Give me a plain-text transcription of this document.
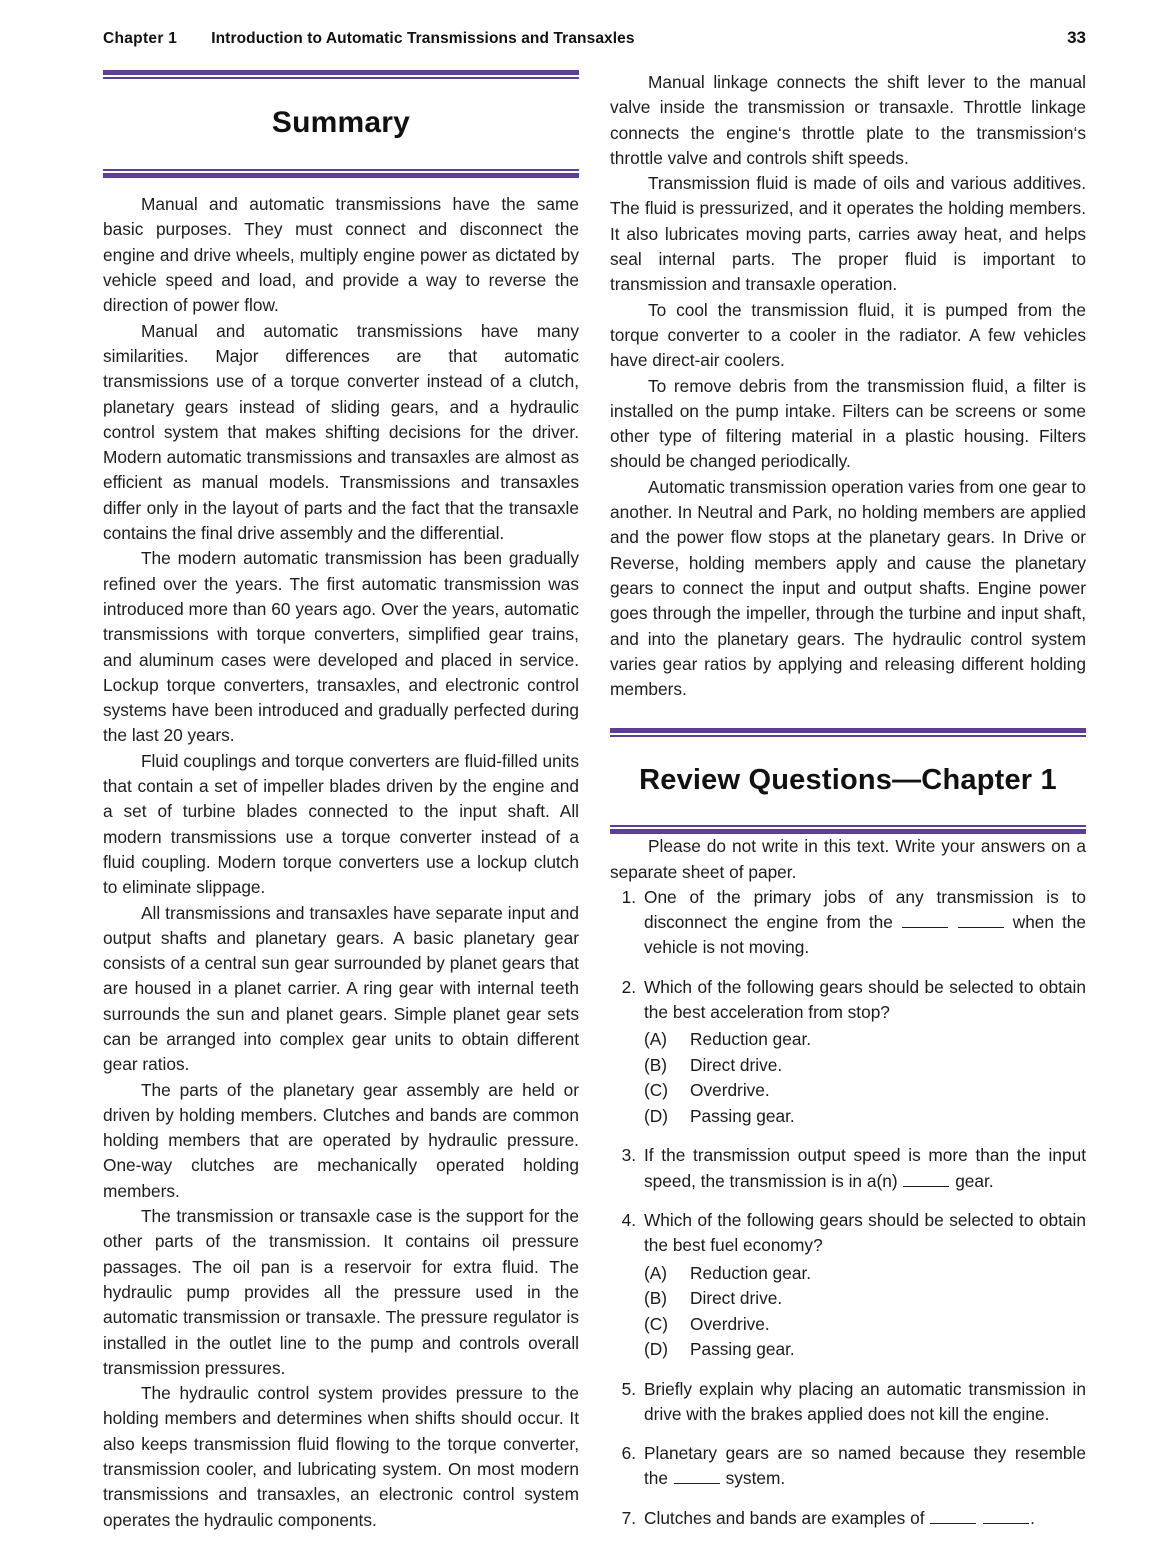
Chapter 1 Introduction to Automatic Transmissions and Transaxles	33
Summary

Manual and automatic transmissions have the same basic purposes. They must connect and disconnect the engine and drive wheels, multiply engine power as dictated by vehicle speed and load, and provide a way to reverse the direction of power flow.

Manual and automatic transmissions have many similarities. Major differences are that automatic transmissions use of a torque converter instead of a clutch, planetary gears instead of sliding gears, and a hydraulic control system that makes shifting decisions for the driver. Modern automatic transmissions and transaxles are almost as efficient as manual models. Transmissions and transaxles differ only in the layout of parts and the fact that the transaxle contains the final drive assembly and the differential.

The modern automatic transmission has been gradually refined over the years. The first automatic transmission was introduced more than 60 years ago. Over the years, automatic transmissions with torque converters, simplified gear trains, and aluminum cases were developed and placed in service. Lockup torque converters, transaxles, and electronic control systems have been introduced and gradually perfected during the last 20 years.

Fluid couplings and torque converters are fluid-filled units that contain a set of impeller blades driven by the engine and a set of turbine blades connected to the input shaft. All modern transmissions use a torque converter instead of a fluid coupling. Modern torque converters use a lockup clutch to eliminate slippage.

All transmissions and transaxles have separate input and output shafts and planetary gears. A basic planetary gear consists of a central sun gear surrounded by planet gears that are housed in a planet carrier. A ring gear with internal teeth surrounds the sun and planet gears. Simple planet gear sets can be arranged into complex gear units to obtain different gear ratios.

The parts of the planetary gear assembly are held or driven by holding members. Clutches and bands are common holding members that are operated by hydraulic pressure. One-way clutches are mechanically operated holding members.

The transmission or transaxle case is the support for the other parts of the transmission. It contains oil pressure passages. The oil pan is a reservoir for extra fluid. The hydraulic pump provides all the pressure used in the automatic transmission or transaxle. The pressure regulator is installed in the outlet line to the pump and controls overall transmission pressures.

The hydraulic control system provides pressure to the holding members and determines when shifts should occur. It also keeps transmission fluid flowing to the torque converter, transmission cooler, and lubricating system. On most modern transmissions and transaxles, an electronic control system operates the hydraulic components.

Manual linkage connects the shift lever to the manual valve inside the transmission or transaxle. Throttle linkage connects the engine‘s throttle plate to the transmission‘s throttle valve and controls shift speeds.

Transmission fluid is made of oils and various additives. The fluid is pressurized, and it operates the holding members. It also lubricates moving parts, carries away heat, and helps seal internal parts. The proper fluid is important to transmission and transaxle operation.

To cool the transmission fluid, it is pumped from the torque converter to a cooler in the radiator. A few vehicles have direct-air coolers.

To remove debris from the transmission fluid, a filter is installed on the pump intake. Filters can be screens or some other type of filtering material in a plastic housing. Filters should be changed periodically.

Automatic transmission operation varies from one gear to another. In Neutral and Park, no holding members are applied and the power flow stops at the planetary gears. In Drive or Reverse, holding members apply and cause the planetary gears to connect the input and output shafts. Engine power goes through the impeller, through the turbine and input shaft, and into the planetary gears. The hydraulic control system varies gear ratios by applying and releasing different holding members.

Review Questions—Chapter 1

Please do not write in this text. Write your answers on a separate sheet of paper.

1. One of the primary jobs of any transmission is to disconnect the engine from the	when the vehicle is not moving.
2. Which of the following gears should be selected to obtain the best acceleration from stop?
(A)	Reduction gear.
(B)	Direct drive.
(C)	Overdrive.
(D)	Passing gear.
3. If the transmission output speed is more than the input speed, the transmission is in a(n)	gear.
4. Which of the following gears should be selected to obtain the best fuel economy?
(A)	Reduction gear.
(B)	Direct drive.
(C)	Overdrive.
(D)	Passing gear.
5. Briefly explain why placing an automatic transmission in drive with the brakes applied does not kill the engine.
6. Planetary gears are so named because they resemble the	system.
7. Clutches and bands are examples of	.
